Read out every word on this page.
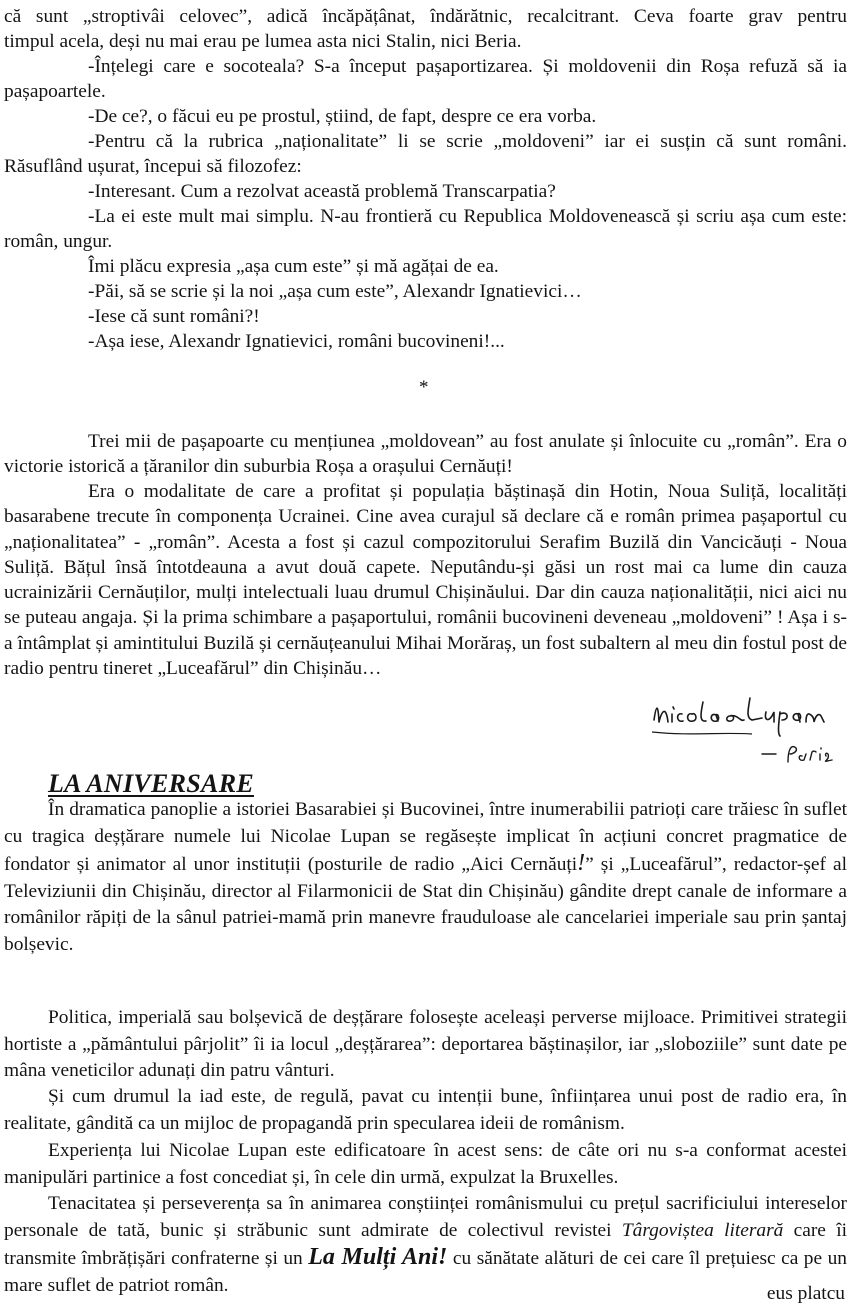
că sunt „stroptivâi celovec”, adică încăpățânat, îndărătnic, recalcitrant. Ceva foarte grav pentru
timpul acela, deși nu mai erau pe lumea asta nici Stalin, nici Beria.
-Înțelegi care e socoteala? S-a început pașaportizarea. Și moldovenii din Roșa refuză să ia pașapoartele.
-De ce?, o făcui eu pe prostul, știind, de fapt, despre ce era vorba.
-Pentru că la rubrica „naționalitate” li se scrie „moldoveni” iar ei susțin că sunt români. Răsuflând ușurat, începui să filozofez:
-Interesant. Cum a rezolvat această problemă Transcarpatia?
-La ei este mult mai simplu. N-au frontieră cu Republica Moldovenească și scriu așa cum este: român, ungur.
Îmi plăcu expresia „așa cum este” și mă agățai de ea.
-Păi, să se scrie și la noi „așa cum este”, Alexandr Ignatievici…
-Iese că sunt români?!
-Așa iese, Alexandr Ignatievici, români bucovineni!...
*
Trei mii de pașapoarte cu mențiunea „moldovean” au fost anulate și înlocuite cu „român”. Era o victorie istorică a țăranilor din suburbia Roșa a orașului Cernăuți!
Era o modalitate de care a profitat și populația băștinașă din Hotin, Noua Suliță, localități basarabene trecute în componența Ucrainei. Cine avea curajul să declare că e român primea pașaportul cu „naționalitatea” - „român”. Acesta a fost și cazul compozitorului Serafim Buzilă din Vancicăuți - Noua Suliță. Bățul însă întotdeauna a avut două capete. Neputându-și găsi un rost mai ca lume din cauza ucrainizării Cernăuților, mulți intelectuali luau drumul Chișinăului. Dar din cauza naționalității, nici aici nu se puteau angaja. Și la prima schimbare a pașaportului, românii bucovineni deveneau „moldoveni” ! Așa i s-a întâmplat și amintitului Buzilă și cernăuțeanului Mihai Morăraș, un fost subaltern al meu din fostul post de radio pentru tineret „Luceafărul” din Chișinău…
LA ANIVERSARE
În dramatica panoplie a istoriei Basarabiei și Bucovinei, între inumerabilii patrioți care trăiesc în suflet cu tragica deșțărare numele lui Nicolae Lupan se regăsește implicat în acțiuni concret pragmatice de fondator și animator al unor instituții (posturile de radio „Aici Cernăuți!” și „Luceafărul”, redactor-șef al Televiziunii din Chișinău, director al Filarmonicii de Stat din Chișinău) gândite drept canale de informare a românilor răpiți de la sânul patriei-mamă prin manevre frauduloase ale cancelariei imperiale sau prin șantaj bolșevic.
Politica, imperială sau bolșevică de deșțărare folosește aceleași perverse mijloace. Primitivei strategii hortiste a „pământului pârjolit” îi ia locul „deșțărarea”: deportarea băștinașilor, iar „sloboziile” sunt date pe mâna veneticilor adunați din patru vânturi.
Și cum drumul la iad este, de regulă, pavat cu intenții bune, înființarea unui post de radio era, în realitate, gândită ca un mijloc de propagandă prin specularea ideii de românism.
Experiența lui Nicolae Lupan este edificatoare în acest sens: de câte ori nu s-a conformat acestei manipulări partinice a fost concediat și, în cele din urmă, expulzat la Bruxelles.
Tenacitatea și perseverența sa în animarea conștiinței românismului cu prețul sacrificiului intereselor personale de tată, bunic și străbunic sunt admirate de colectivul revistei Târgoviștea literară care îi transmite îmbrățișări confraterne și un La Mulți Ani! cu sănătate alături de cei care îl prețuiesc ca pe un mare suflet de patriot român.	eus platcu
